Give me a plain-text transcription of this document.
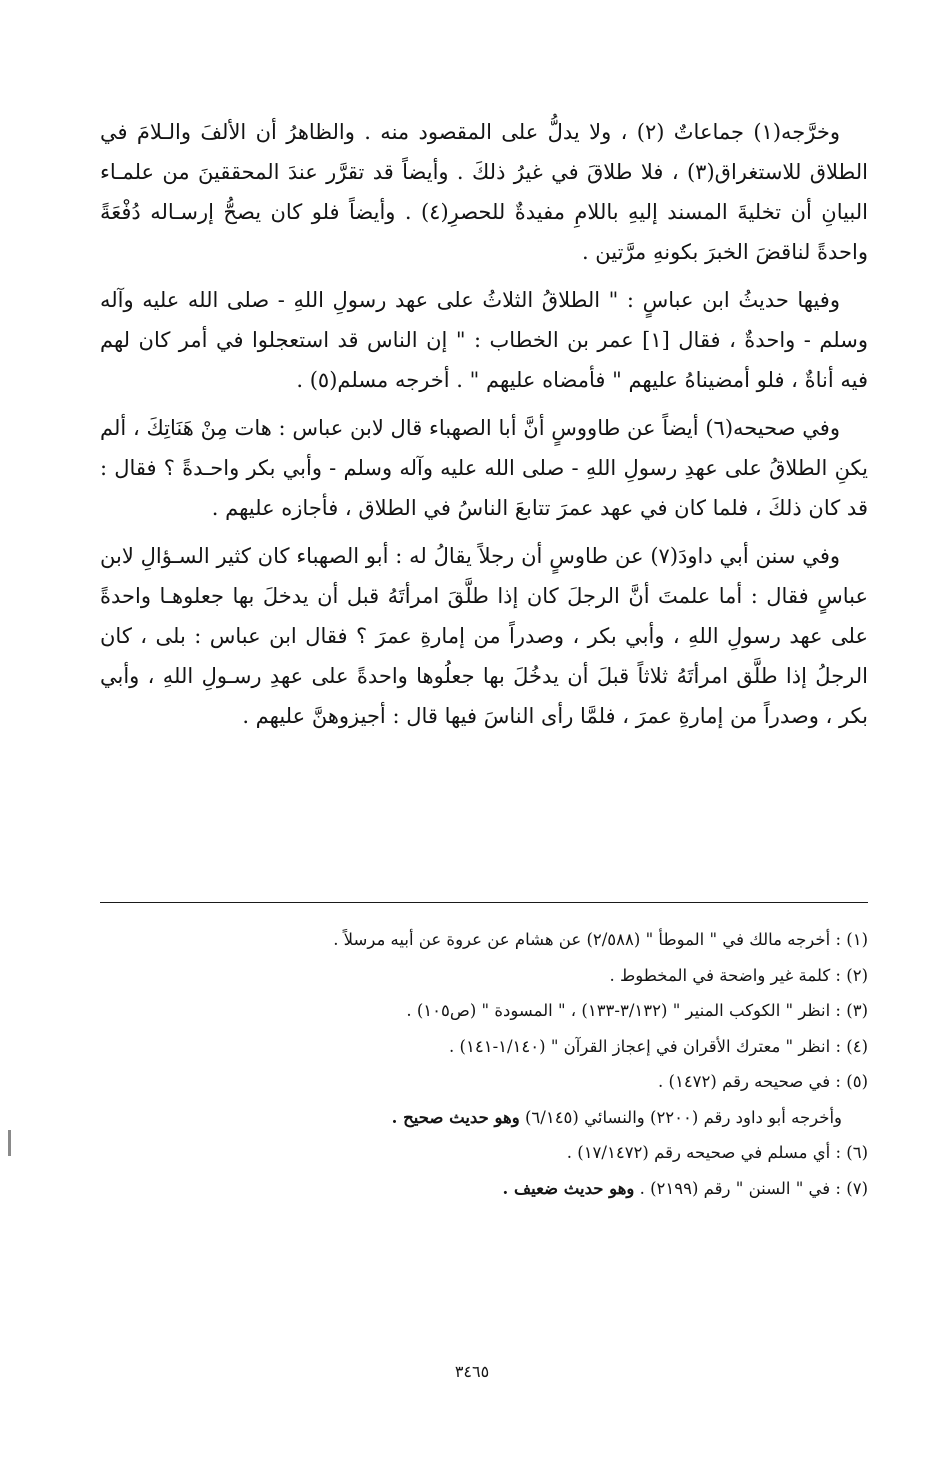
وخرَّجه(١) جماعاتٌ (٢) ، ولا يدلُّ على المقصود منه . والظاهرُ أن الألفَ والـلامَ في الطلاق للاستغراق(٣) ، فلا طلاقَ في غيرُ ذلكَ . وأيضاً قد تقرَّر عندَ المحققينَ من علمـاء البيانِ أن تخليةَ المسند إليهِ باللامِ مفيدةٌ للحصرِ(٤) . وأيضاً فلو كان يصحُّ إرسـاله دُفْعَةً واحدةً لناقضَ الخبرَ بكونهِ مرَّتين .

وفيها حديثُ ابن عباسٍ : " الطلاقُ الثلاثُ على عهد رسولِ اللهِ - صلى الله عليه وآله وسلم - واحدةٌ ، فقال [١] عمر بن الخطاب : " إن الناس قد استعجلوا في أمر كان لهم فيه أناةٌ ، فلو أمضيناهُ عليهم " فأمضاه عليهم " . أخرجه مسلم(٥) .

وفي صحيحه(٦) أيضاً عن طاووسٍ أنَّ أبا الصهباء قال لابن عباس : هات مِنْ هَنَاتِكَ ، ألم يكنِ الطلاقُ على عهدِ رسولِ اللهِ - صلى الله عليه وآله وسلم - وأبي بكر واحـدةً ؟ فقال : قد كان ذلكَ ، فلما كان في عهد عمرَ تتابعَ الناسُ في الطلاق ، فأجازه عليهم .

وفي سنن أبي داودَ(٧) عن طاوسٍ أن رجلاً يقالُ له : أبو الصهباء كان كثير السـؤالِ لابن عباسٍ فقال : أما علمتَ أنَّ الرجلَ كان إذا طلَّقَ امرأتَهُ قبل أن يدخلَ بها جعلوهـا واحدةً على عهد رسولِ اللهِ ، وأبي بكر ، وصدراً من إمارةِ عمرَ ؟ فقال ابن عباس : بلى ، كان الرجلُ إذا طلَّق امرأتَهُ ثلاثاً قبلَ أن يدخُلَ بها جعلُوها واحدةً على عهدِ رسـولِ اللهِ ، وأبي بكر ، وصدراً من إمارةِ عمرَ ، فلمَّا رأى الناسَ فيها قال : أجيزوهنَّ عليهم .

(١) : أخرجه مالك في " الموطأ " (٢/٥٨٨) عن هشام عن عروة عن أبيه مرسلاً .

(٢) : كلمة غير واضحة في المخطوط .

(٣) : انظر " الكوكب المنير " (٣/١٣٢-١٣٣) ، " المسودة " (ص١٠٥) .

(٤) : انظر " معترك الأقران في إعجاز القرآن " (١/١٤٠-١٤١) .

(٥) : في صحيحه رقم (١٤٧٢) .

وأخرجه أبو داود رقم (٢٢٠٠) والنسائي (٦/١٤٥) وهو حديث صحيح .

(٦) : أي مسلم في صحيحه رقم (١٧/١٤٧٢) .

(٧) : في " السنن " رقم (٢١٩٩) . وهو حديث ضعيف .

٣٤٦٥
